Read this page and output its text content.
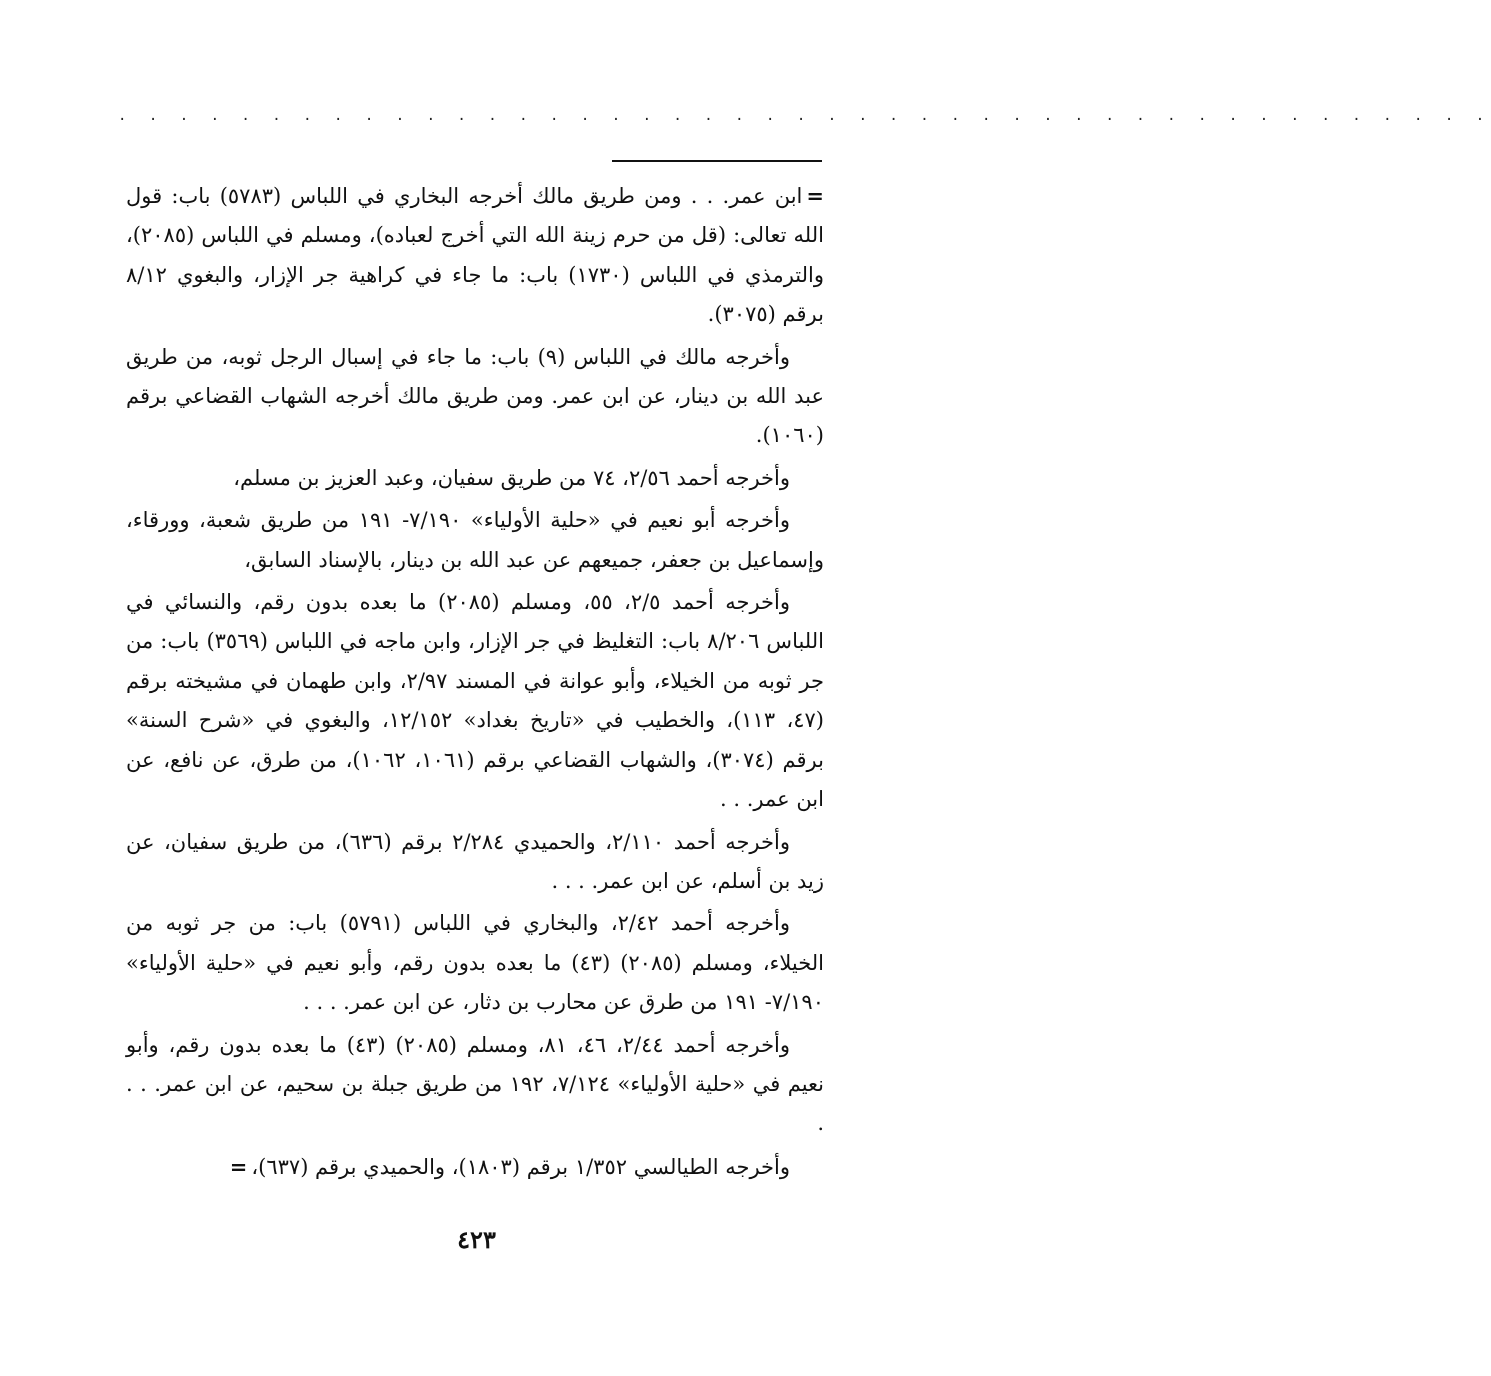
. . . . . . . . . . . . . . . . . . . . . . . . . . . . . . . . . . . . . . . . . . . . .

=ابن عمر. . . ومن طريق مالك أخرجه البخاري في اللباس (٥٧٨٣) باب: قول الله تعالى: (قل من حرم زينة الله التي أخرج لعباده)، ومسلم في اللباس (٢٠٨٥)، والترمذي في اللباس (١٧٣٠) باب: ما جاء في كراهية جر الإزار، والبغوي ٨/١٢ برقم (٣٠٧٥).

وأخرجه مالك في اللباس (٩) باب: ما جاء في إسبال الرجل ثوبه، من طريق عبد الله بن دينار، عن ابن عمر. ومن طريق مالك أخرجه الشهاب القضاعي برقم (١٠٦٠).

وأخرجه أحمد ٢/٥٦، ٧٤ من طريق سفيان، وعبد العزيز بن مسلم،

وأخرجه أبو نعيم في «حلية الأولياء» ٧/١٩٠- ١٩١ من طريق شعبة، وورقاء، وإسماعيل بن جعفر، جميعهم عن عبد الله بن دينار، بالإسناد السابق،

وأخرجه أحمد ٢/٥، ٥٥، ومسلم (٢٠٨٥) ما بعده بدون رقم، والنسائي في اللباس ٨/٢٠٦ باب: التغليظ في جر الإزار، وابن ماجه في اللباس (٣٥٦٩) باب: من جر ثوبه من الخيلاء، وأبو عوانة في المسند ٢/٩٧، وابن طهمان في مشيخته برقم (٤٧، ١١٣)، والخطيب في «تاريخ بغداد» ١٢/١٥٢، والبغوي في «شرح السنة» برقم (٣٠٧٤)، والشهاب القضاعي برقم (١٠٦١، ١٠٦٢)، من طرق، عن نافع، عن ابن عمر. . .

وأخرجه أحمد ٢/١١٠، والحميدي ٢/٢٨٤ برقم (٦٣٦)، من طريق سفيان، عن زيد بن أسلم، عن ابن عمر. . . .

وأخرجه أحمد ٢/٤٢، والبخاري في اللباس (٥٧٩١) باب: من جر ثوبه من الخيلاء، ومسلم (٢٠٨٥) (٤٣) ما بعده بدون رقم، وأبو نعيم في «حلية الأولياء» ٧/١٩٠- ١٩١ من طرق عن محارب بن دثار، عن ابن عمر. . . .

وأخرجه أحمد ٢/٤٤، ٤٦، ٨١، ومسلم (٢٠٨٥) (٤٣) ما بعده بدون رقم، وأبو نعيم في «حلية الأولياء» ٧/١٢٤، ١٩٢ من طريق جبلة بن سحيم، عن ابن عمر. . . .

وأخرجه الطيالسي ١/٣٥٢ برقم (١٨٠٣)، والحميدي برقم (٦٣٧)،=

٤٢٣
